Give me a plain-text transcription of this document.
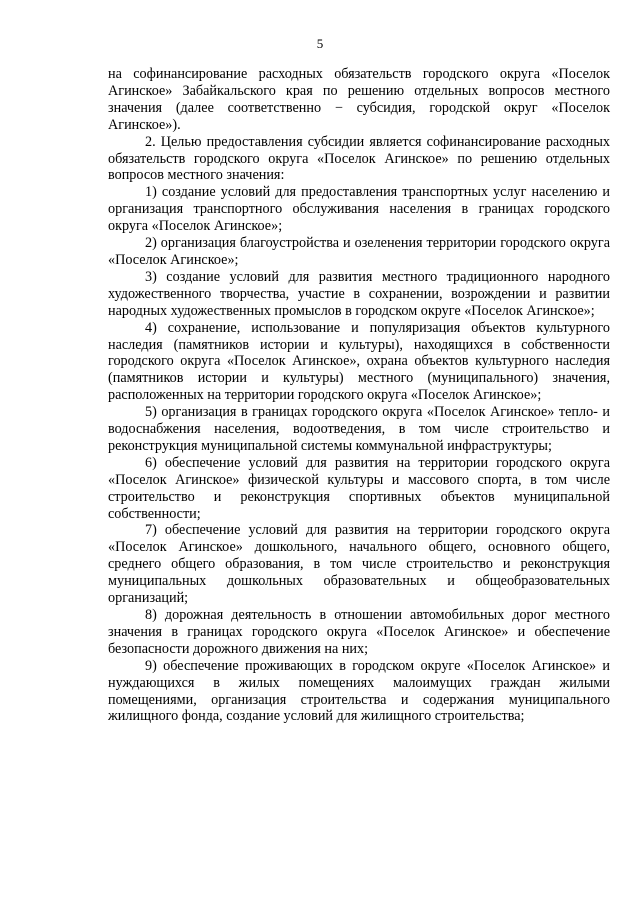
5

на софинансирование расходных обязательств городского округа «Поселок Агинское» Забайкальского края по решению отдельных вопросов местного значения (далее соответственно − субсидия, городской округ «Поселок Агинское»).

2. Целью предоставления субсидии является софинансирование расходных обязательств городского округа «Поселок Агинское» по решению отдельных вопросов местного значения:

1) создание условий для предоставления транспортных услуг населению и организация транспортного обслуживания населения в границах городского округа «Поселок Агинское»;

2) организация благоустройства и озеленения территории городского округа «Поселок Агинское»;

3) создание условий для развития местного традиционного народного художественного творчества, участие в сохранении, возрождении и развитии народных художественных промыслов в городском округе «Поселок Агинское»;

4) сохранение, использование и популяризация объектов культурного наследия (памятников истории и культуры), находящихся в собственности городского округа «Поселок Агинское», охрана объектов культурного наследия (памятников истории и культуры) местного (муниципального) значения, расположенных на территории городского округа «Поселок Агинское»;

5) организация в границах городского округа «Поселок Агинское» тепло- и водоснабжения населения, водоотведения, в том числе строительство и реконструкция муниципальной системы коммунальной инфраструктуры;

6) обеспечение условий для развития на территории городского округа «Поселок Агинское» физической культуры и массового спорта, в том числе строительство и реконструкция спортивных объектов муниципальной собственности;

7) обеспечение условий для развития на территории городского округа «Поселок Агинское» дошкольного, начального общего, основного общего, среднего общего образования, в том числе строительство и реконструкция муниципальных дошкольных образовательных и общеобразовательных организаций;

8) дорожная деятельность в отношении автомобильных дорог местного значения в границах городского округа «Поселок Агинское» и обеспечение безопасности дорожного движения на них;

9) обеспечение проживающих в городском округе «Поселок Агинское» и нуждающихся в жилых помещениях малоимущих граждан жилыми помещениями, организация строительства и содержания муниципального жилищного фонда, создание условий для жилищного строительства;
